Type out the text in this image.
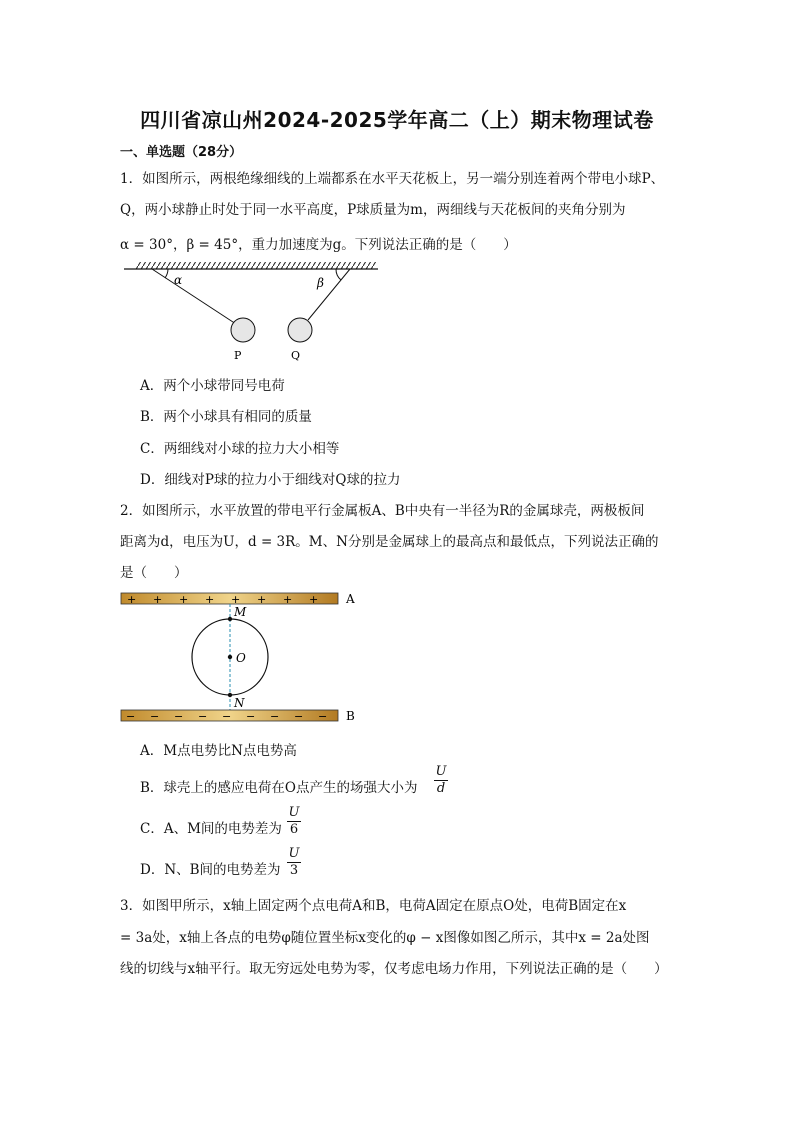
四川省凉山州2024-2025学年高二（上）期末物理试卷
一、单选题（28分）
1．如图所示，两根绝缘细线的上端都系在水平天花板上，另一端分别连着两个带电小球P、
Q，两小球静止时处于同一水平高度，P球质量为m，两细线与天花板间的夹角分别为
α = 30°，β = 45°，重力加速度为g。下列说法正确的是（　　）
α	β
P	Q
A．两个小球带同号电荷
B．两个小球具有相同的质量
C．两细线对小球的拉力大小相等
D．细线对P球的拉力小于细线对Q球的拉力
2．如图所示，水平放置的带电平行金属板A、B中央有一半径为R的金属球壳，两极板间
距离为d，电压为U，d = 3R。M、N分别是金属球上的最高点和最低点，下列说法正确的
是（　　）
+ + + + + + + + A
M
O
N
− − − − − − − − − B
A．M点电势比N点电势高
B．球壳上的感应电荷在O点产生的场强大小为
U
d
C．A、M间的电势差为
U
6
D．N、B间的电势差为
U
3
3．如图甲所示，x轴上固定两个点电荷A和B，电荷A固定在原点O处，电荷B固定在x
= 3a处，x轴上各点的电势φ随位置坐标x变化的φ − x图像如图乙所示，其中x = 2a处图
线的切线与x轴平行。取无穷远处电势为零，仅考虑电场力作用，下列说法正确的是（　　）
